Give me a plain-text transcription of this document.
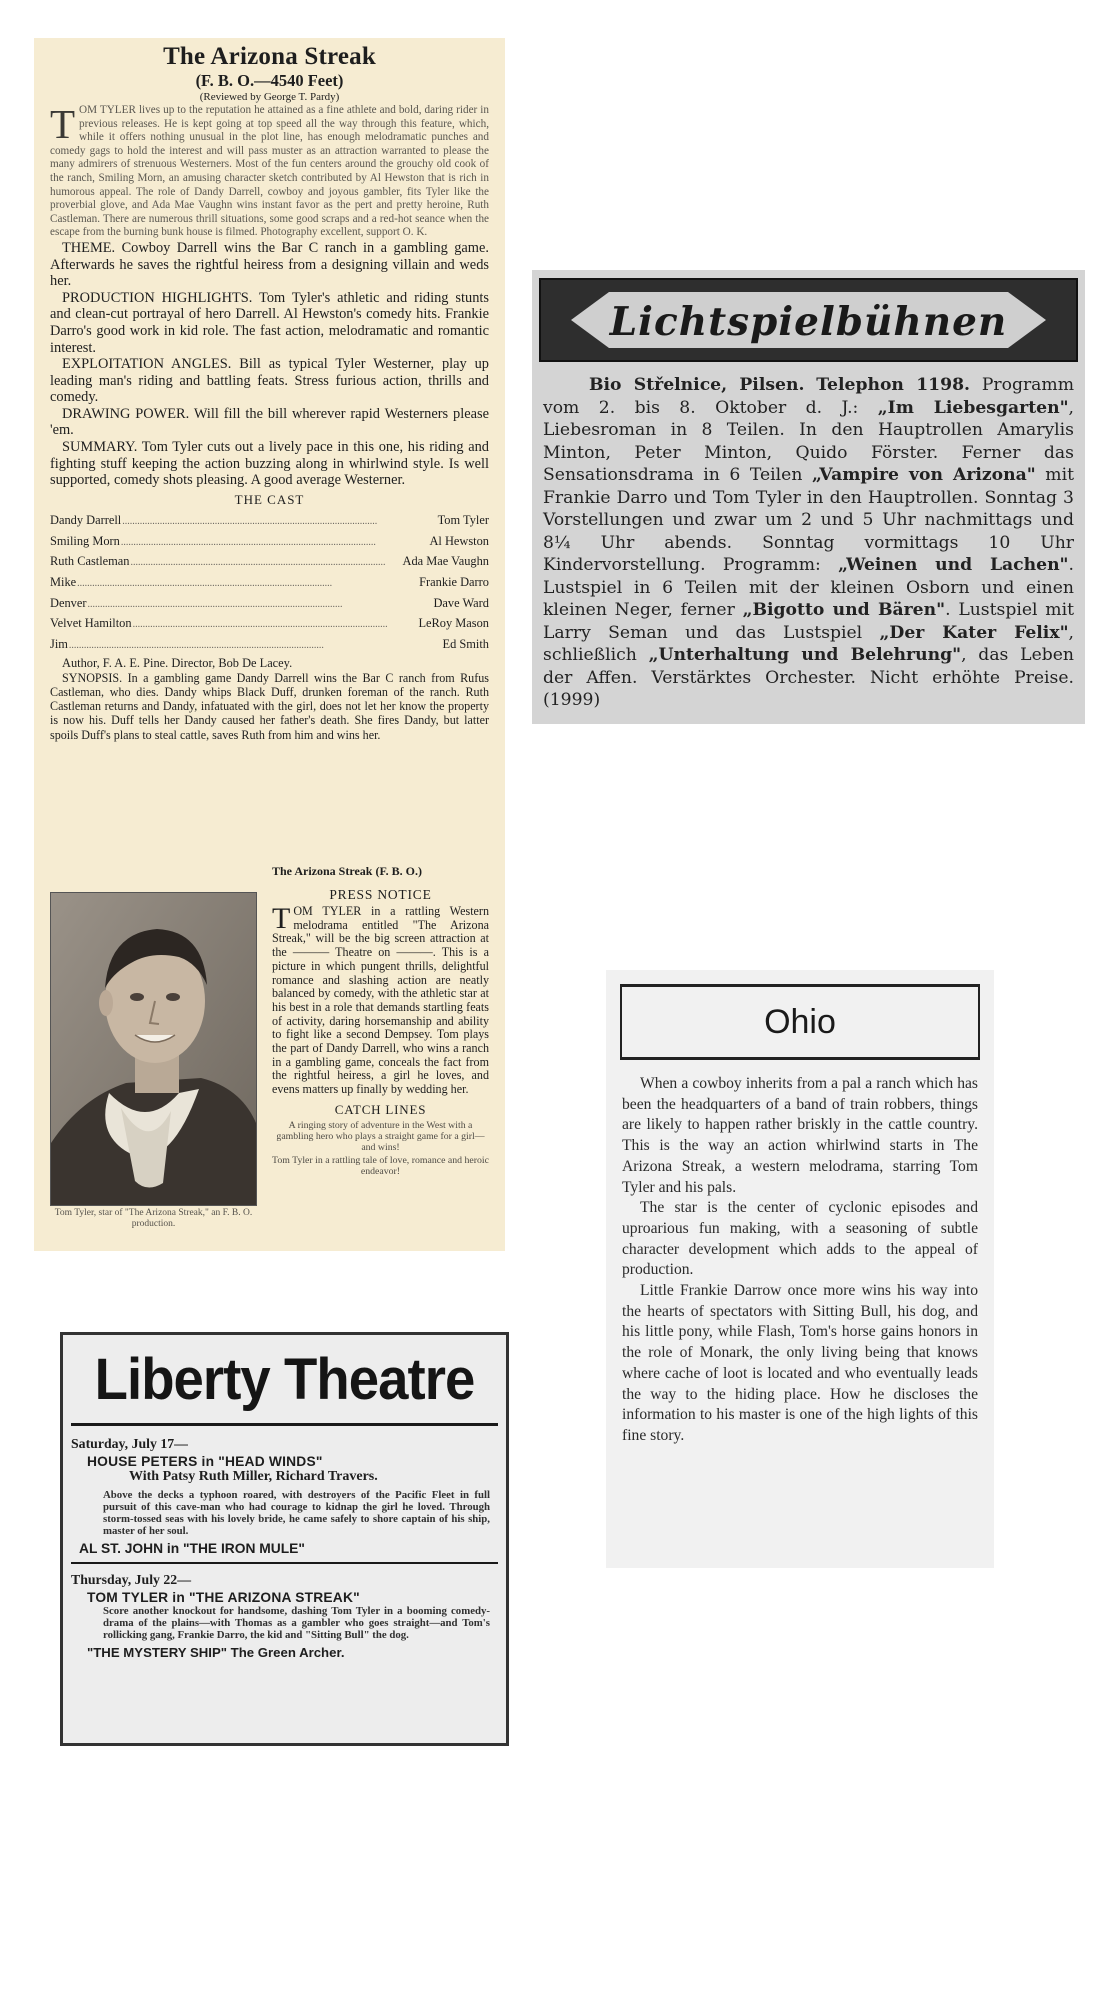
The Arizona Streak

(F. B. O.—4540 Feet)

(Reviewed by George T. Pardy)

TOM TYLER lives up to the reputation he attained as a fine athlete and bold, daring rider in previous releases. He is kept going at top speed all the way through this feature, which, while it offers nothing unusual in the plot line, has enough melodramatic punches and comedy gags to hold the interest and will pass muster as an attraction warranted to please the many admirers of strenuous Westerners. Most of the fun centers around the grouchy old cook of the ranch, Smiling Morn, an amusing character sketch contributed by Al Hewston that is rich in humorous appeal. The role of Dandy Darrell, cowboy and joyous gambler, fits Tyler like the proverbial glove, and Ada Mae Vaughn wins instant favor as the pert and pretty heroine, Ruth Castleman. There are numerous thrill situations, some good scraps and a red-hot seance when the escape from the burning bunk house is filmed. Photography excellent, support O. K.

THEME. Cowboy Darrell wins the Bar C ranch in a gambling game. Afterwards he saves the rightful heiress from a designing villain and weds her.

PRODUCTION HIGHLIGHTS. Tom Tyler's athletic and riding stunts and clean-cut portrayal of hero Darrell. Al Hewston's comedy hits. Frankie Darro's good work in kid role. The fast action, melodramatic and romantic interest.

EXPLOITATION ANGLES. Bill as typical Tyler Westerner, play up leading man's riding and battling feats. Stress furious action, thrills and comedy.

DRAWING POWER. Will fill the bill wherever rapid Westerners please 'em.

SUMMARY. Tom Tyler cuts out a lively pace in this one, his riding and fighting stuff keeping the action buzzing along in whirlwind style. Is well supported, comedy shots pleasing. A good average Westerner.

THE CAST

Dandy Darrell ......................................................................................................	Tom Tyler
Smiling Morn ......................................................................................................	Al Hewston
Ruth Castleman ......................................................................................................	Ada Mae Vaughn
Mike ......................................................................................................	Frankie Darro
Denver ......................................................................................................	Dave Ward
Velvet Hamilton ......................................................................................................	LeRoy Mason
Jim ......................................................................................................	Ed Smith

Author, F. A. E. Pine. Director, Bob De Lacey.

SYNOPSIS. In a gambling game Dandy Darrell wins the Bar C ranch from Rufus Castleman, who dies. Dandy whips Black Duff, drunken foreman of the ranch. Ruth Castleman returns and Dandy, infatuated with the girl, does not let her know the property is now his. Duff tells her Dandy caused her father's death. She fires Dandy, but latter spoils Duff's plans to steal cattle, saves Ruth from him and wins her.

Tom Tyler, star of "The Arizona Streak," an F. B. O. production.

The Arizona Streak (F. B. O.)

PRESS NOTICE

TOM TYLER in a rattling Western melodrama entitled "The Arizona Streak," will be the big screen attraction at the ——— Theatre on ———. This is a picture in which pungent thrills, delightful romance and slashing action are neatly balanced by comedy, with the athletic star at his best in a role that demands startling feats of activity, daring horsemanship and ability to fight like a second Dempsey. Tom plays the part of Dandy Darrell, who wins a ranch in a gambling game, conceals the fact from the rightful heiress, a girl he loves, and evens matters up finally by wedding her.

CATCH LINES

A ringing story of adventure in the West with a gambling hero who plays a straight game for a girl—and wins!

Tom Tyler in a rattling tale of love, romance and heroic endeavor!

Lichtspielbühnen

Bio Střelnice, Pilsen. Telephon 1198. Programm vom 2. bis 8. Oktober d. J.: „Im Liebesgarten", Liebesroman in 8 Teilen. In den Hauptrollen Amarylis Minton, Peter Minton, Quido Förster. Ferner das Sensationsdrama in 6 Teilen „Vampire von Arizona" mit Frankie Darro und Tom Tyler in den Hauptrollen. Sonntag 3 Vorstellungen und zwar um 2 und 5 Uhr nachmittags und 8¼ Uhr abends. Sonntag vormittags 10 Uhr Kindervorstellung. Programm: „Weinen und Lachen". Lustspiel in 6 Teilen mit der kleinen Osborn und einen kleinen Neger, ferner „Bigotto und Bären". Lustspiel mit Larry Seman und das Lustspiel „Der Kater Felix", schließlich „Unterhaltung und Belehrung", das Leben der Affen. Verstärktes Orchester. Nicht erhöhte Preise. (1999)

Ohio

When a cowboy inherits from a pal a ranch which has been the headquarters of a band of train robbers, things are likely to happen rather briskly in the cattle country. This is the way an action whirlwind starts in The Arizona Streak, a western melodrama, starring Tom Tyler and his pals.

The star is the center of cyclonic episodes and uproarious fun making, with a seasoning of subtle character development which adds to the appeal of production.

Little Frankie Darrow once more wins his way into the hearts of spectators with Sitting Bull, his dog, and his little pony, while Flash, Tom's horse gains honors in the role of Monark, the only living being that knows where cache of loot is located and who eventually leads the way to the hiding place. How he discloses the information to his master is one of the high lights of this fine story.

Liberty Theatre

Saturday, July 17—

HOUSE PETERS in "HEAD WINDS"

With Patsy Ruth Miller, Richard Travers.

Above the decks a typhoon roared, with destroyers of the Pacific Fleet in full pursuit of this cave-man who had courage to kidnap the girl he loved. Through storm-tossed seas with his lovely bride, he came safely to shore captain of his ship, master of her soul.

AL ST. JOHN in "THE IRON MULE"

Thursday, July 22—

TOM TYLER in "THE ARIZONA STREAK"

Score another knockout for handsome, dashing Tom Tyler in a booming comedy-drama of the plains—with Thomas as a gambler who goes straight—and Tom's rollicking gang, Frankie Darro, the kid and "Sitting Bull" the dog.

"THE MYSTERY SHIP" The Green Archer.
